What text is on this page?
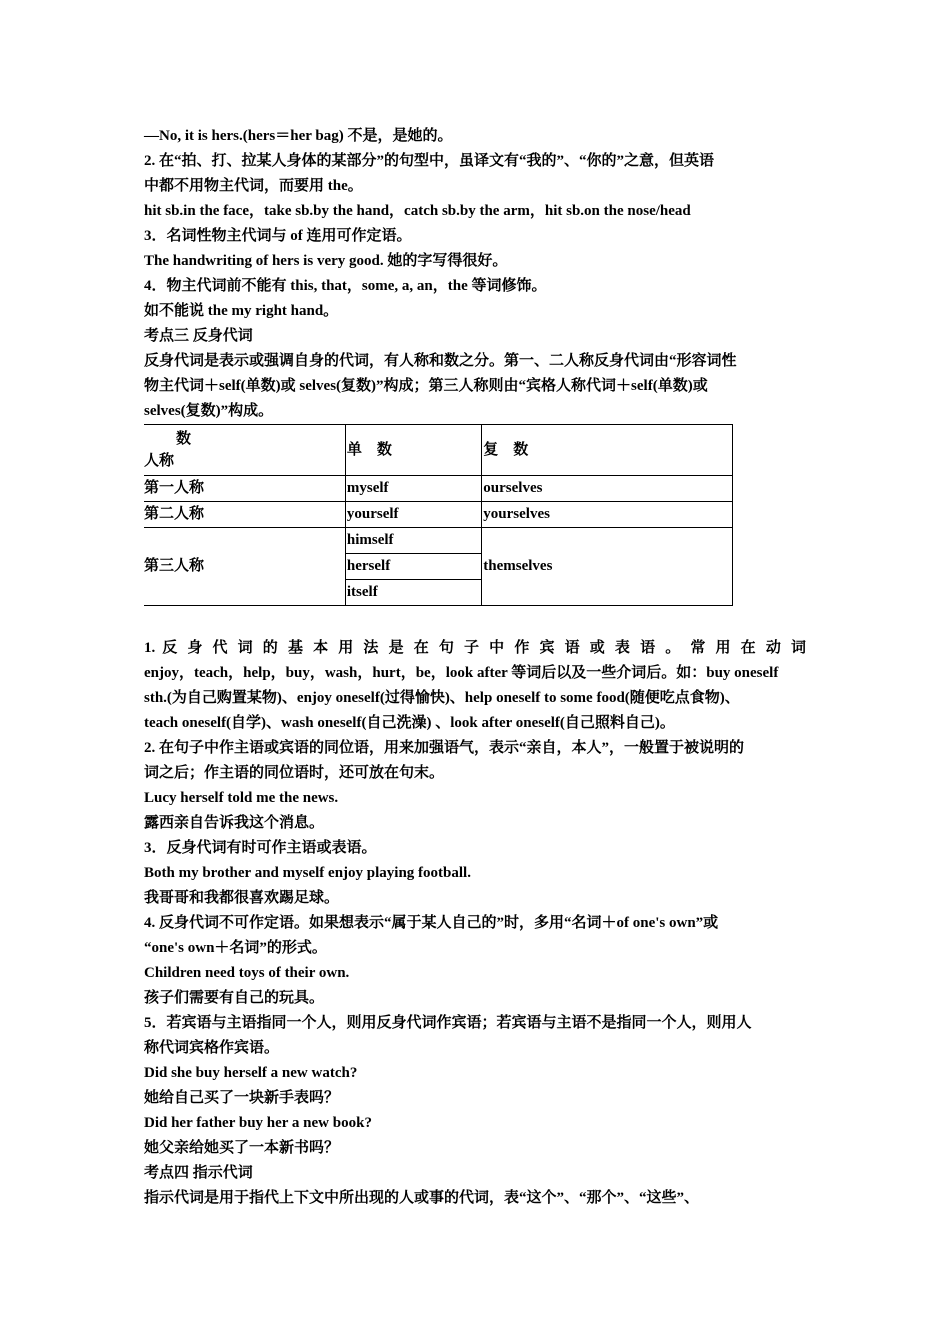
—No, it is hers.(hers＝her bag) 不是，是她的。
2. 在“拍、打、拉某人身体的某部分”的句型中，虽译文有“我的”、“你的”之意，但英语
中都不用物主代词，而要用 the。
hit sb.in the face，take sb.by the hand，catch sb.by the arm，hit sb.on the nose/head
3．名词性物主代词与 of 连用可作定语。
The handwriting of hers is very good. 她的字写得很好。
4．物主代词前不能有 this, that，some, a, an，the 等词修饰。
如不能说 the my right hand。
考点三 反身代词
反身代词是表示或强调自身的代词，有人称和数之分。第一、二人称反身代词由“形容词性
物主代词＋self(单数)或 selves(复数)”构成；第三人称则由“宾格人称代词＋self(单数)或
selves(复数)”构成。
数
人称	单　数	复　数
第一人称	myself	ourselves
第二人称	yourself	yourselves
第三人称	himself	themselves
	herself	
	itself	
1. 反 身 代 词 的 基 本 用 法 是 在 句 子 中 作 宾 语 或 表 语 。 常 用 在 动 词
enjoy，teach，help，buy，wash，hurt，be，look after 等词后以及一些介词后。如：buy oneself
sth.(为自己购置某物)、enjoy oneself(过得愉快)、help oneself to some food(随便吃点食物)、
teach oneself(自学)、wash oneself(自己洗澡) 、look after oneself(自己照料自己)。
2. 在句子中作主语或宾语的同位语，用来加强语气，表示“亲自，本人”，一般置于被说明的
词之后；作主语的同位语时，还可放在句末。
Lucy herself told me the news.
露西亲自告诉我这个消息。
3．反身代词有时可作主语或表语。
Both my brother and myself enjoy playing football.
我哥哥和我都很喜欢踢足球。
4. 反身代词不可作定语。如果想表示“属于某人自己的”时，多用“名词＋of one's own”或
“one's own＋名词”的形式。
Children need toys of their own.
孩子们需要有自己的玩具。
5．若宾语与主语指同一个人，则用反身代词作宾语；若宾语与主语不是指同一个人，则用人
称代词宾格作宾语。
Did she buy herself a new watch?
她给自己买了一块新手表吗？
Did her father buy her a new book?
她父亲给她买了一本新书吗？
考点四 指示代词
指示代词是用于指代上下文中所出现的人或事的代词，表“这个”、“那个”、“这些”、
